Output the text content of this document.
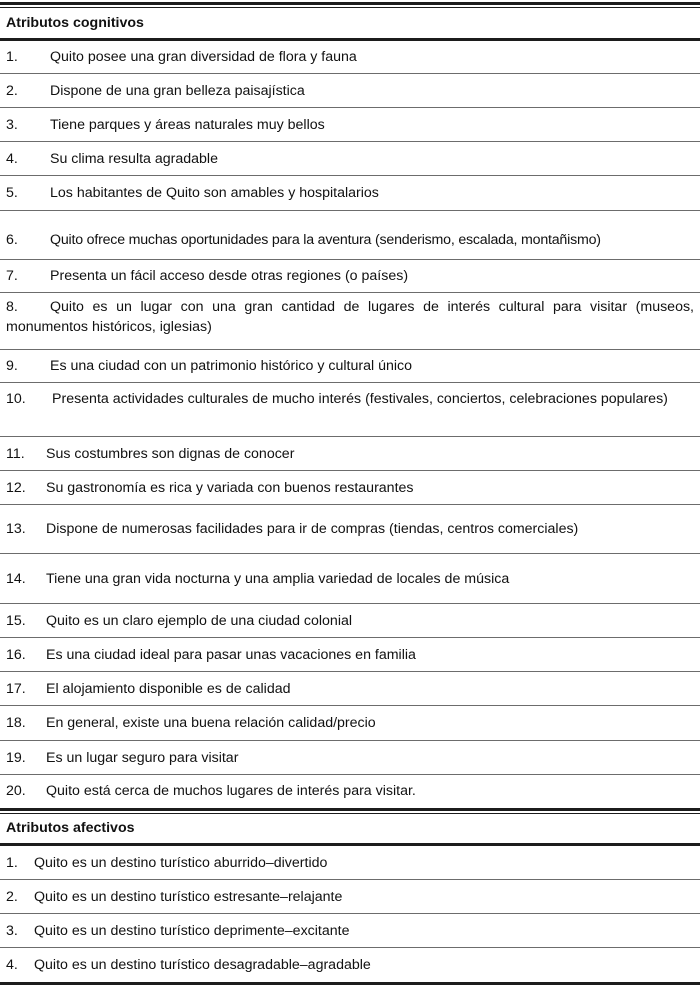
Atributos cognitivos
1.	Quito posee una gran diversidad de flora y fauna
2.	Dispone de una gran belleza paisajística
3.	Tiene parques y áreas naturales muy bellos
4.	Su clima resulta agradable
5.	Los habitantes de Quito son amables y hospitalarios
6.	Quito ofrece muchas oportunidades para la aventura (senderismo, escalada, montañismo)
7.	Presenta un fácil acceso desde otras regiones (o países)
8. Quito es un lugar con una gran cantidad de lugares de interés cultural para visitar (museos, monumentos históricos, iglesias)
9.	Es una ciudad con un patrimonio histórico y cultural único
10. Presenta actividades culturales de mucho interés (festivales, conciertos, celebraciones populares)
11.	Sus costumbres son dignas de conocer
12.	Su gastronomía es rica y variada con buenos restaurantes
13.	Dispone de numerosas facilidades para ir de compras (tiendas, centros comerciales)
14.	Tiene una gran vida nocturna y una amplia variedad de locales de música
15.	Quito es un claro ejemplo de una ciudad colonial
16.	Es una ciudad ideal para pasar unas vacaciones en familia
17.	El alojamiento disponible es de calidad
18.	En general, existe una buena relación calidad/precio
19.	Es un lugar seguro para visitar
20.	Quito está cerca de muchos lugares de interés para visitar.
Atributos afectivos
1.	Quito es un destino turístico aburrido–divertido
2.	Quito es un destino turístico estresante–relajante
3.	Quito es un destino turístico deprimente–excitante
4.	Quito es un destino turístico desagradable–agradable
